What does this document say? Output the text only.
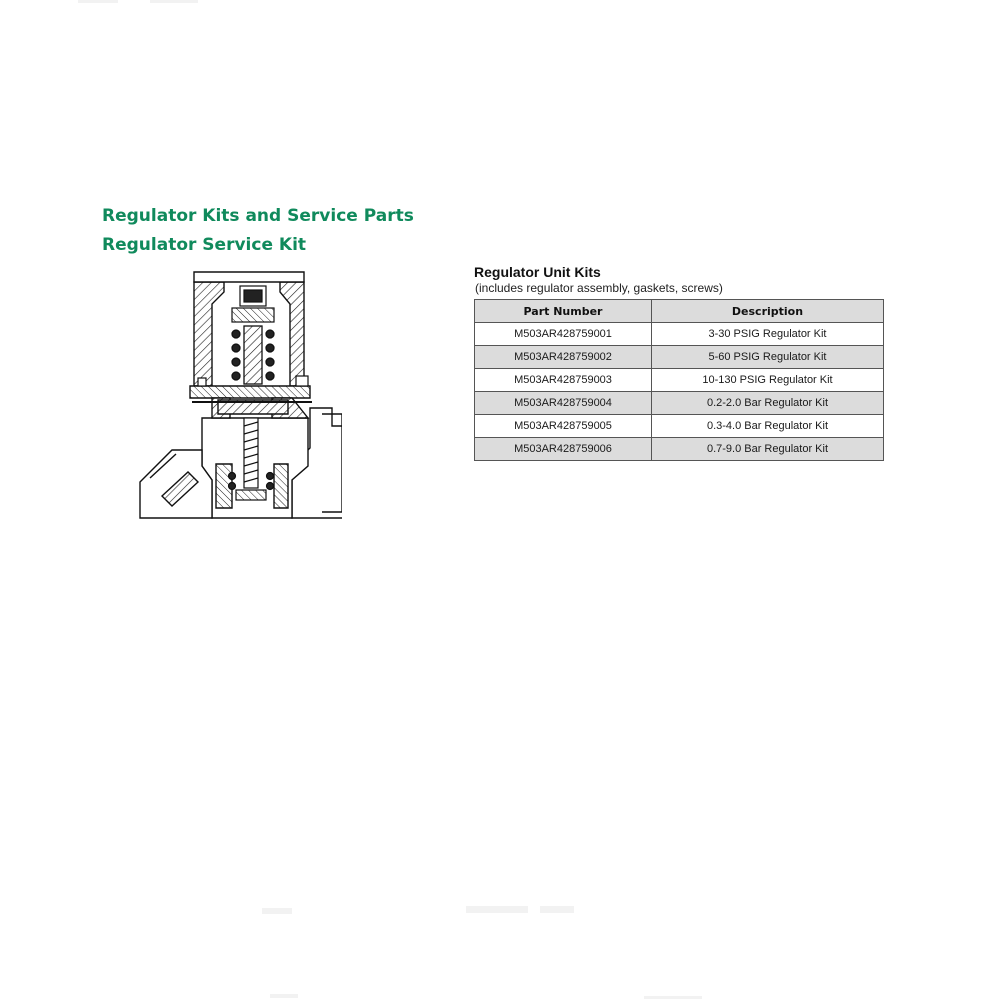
Regulator Kits and Service Parts
Regulator Service Kit

Regulator Unit Kits

(includes regulator assembly, gaskets, screws)

Part Number	Description
M503AR428759001	3-30 PSIG Regulator Kit
M503AR428759002	5-60 PSIG Regulator Kit
M503AR428759003	10-130 PSIG Regulator Kit
M503AR428759004	0.2-2.0 Bar Regulator Kit
M503AR428759005	0.3-4.0 Bar Regulator Kit
M503AR428759006	0.7-9.0 Bar Regulator Kit
